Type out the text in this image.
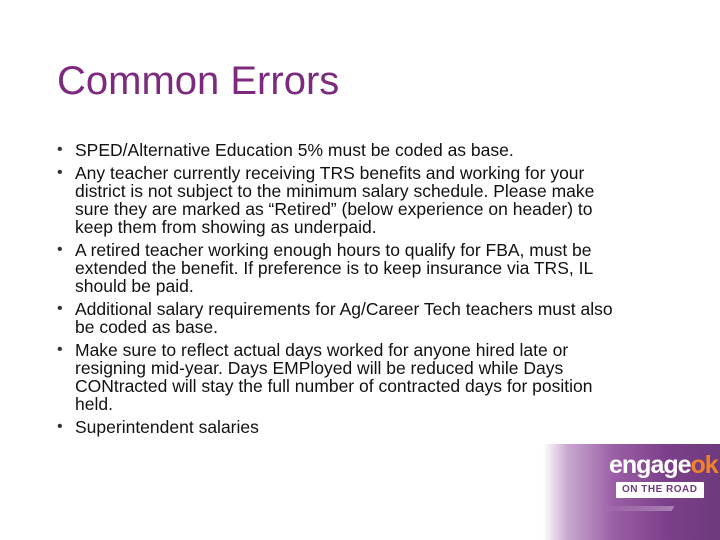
Common Errors
• SPED/Alternative Education 5% must be coded as base.
• Any teacher currently receiving TRS benefits and working for your district is not subject to the minimum salary schedule. Please make sure they are marked as “Retired” (below experience on header) to keep them from showing as underpaid.
• A retired teacher working enough hours to qualify for FBA, must be extended the benefit. If preference is to keep insurance via TRS, IL should be paid.
• Additional salary requirements for Ag/Career Tech teachers must also be coded as base.
• Make sure to reflect actual days worked for anyone hired late or resigning mid-year. Days EMPloyed will be reduced while Days CONtracted will stay the full number of contracted days for position held.
• Superintendent salaries
engageok
ON THE ROAD
